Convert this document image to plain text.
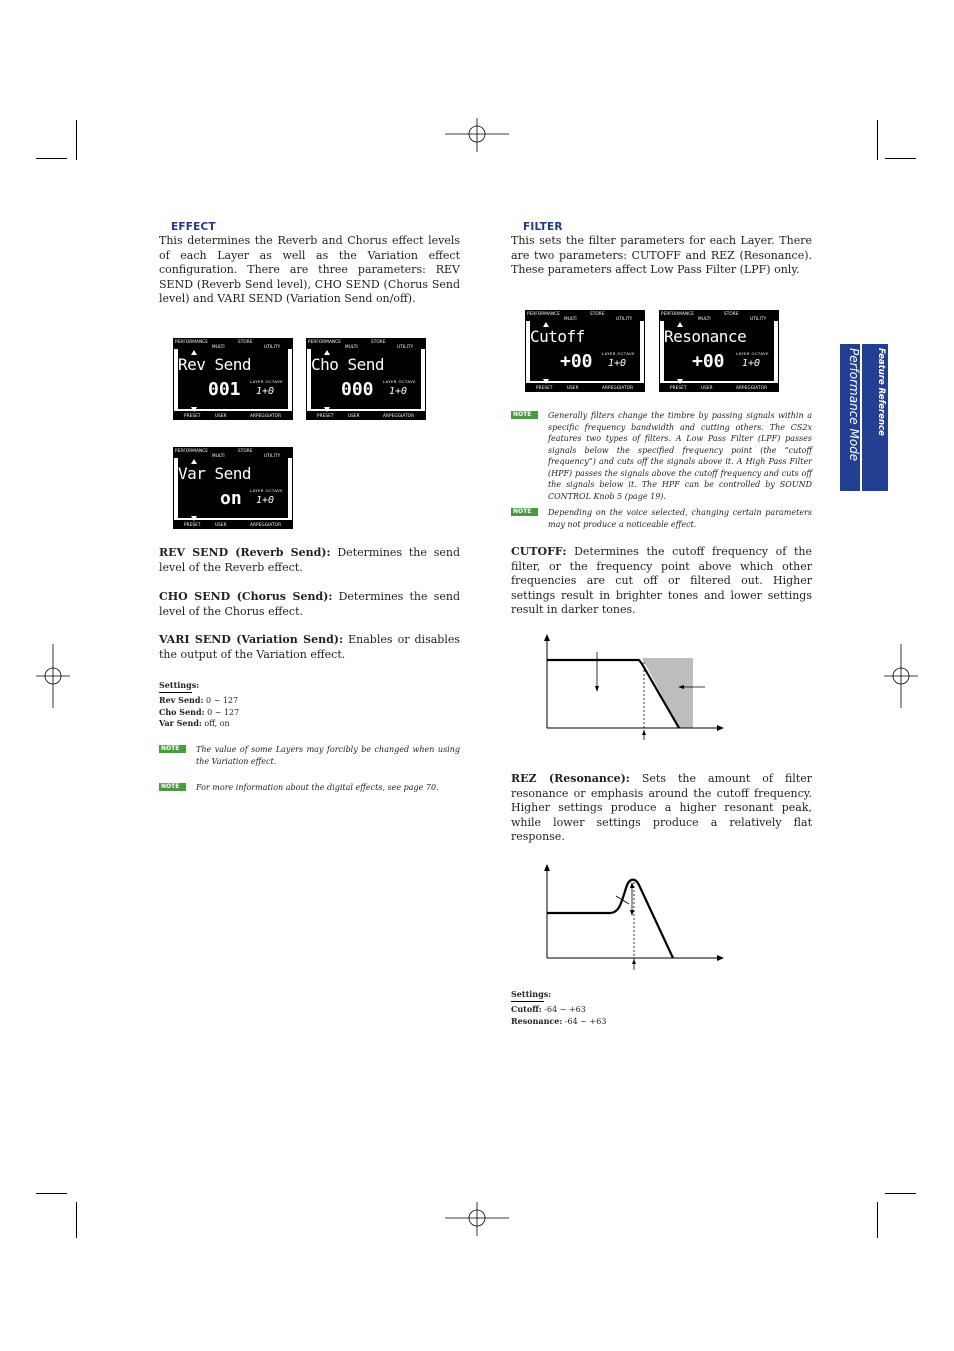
Feature Reference
Performance Mode
EFFECT
This determines the Reverb and Chorus effect levels of each Layer as well as the Variation effect configuration. There are three parameters: REV SEND (Reverb Send level), CHO SEND (Chorus Send level) and VARI SEND (Variation Send on/off).
PERFORMANCE	STORE
MULTI	UTILITY
PRESET	USER	ARPEGGIATOR
Rev Send
001 LAYER OCTAVE
1+0
PERFORMANCE	STORE
MULTI	UTILITY
PRESET	USER	ARPEGGIATOR
Cho Send
000 LAYER OCTAVE
1+0
PERFORMANCE	STORE
MULTI	UTILITY
PRESET	USER	ARPEGGIATOR
Var Send
on LAYER OCTAVE
1+0
REV SEND (Reverb Send): Determines the send level of the Reverb effect.
CHO SEND (Chorus Send): Determines the send level of the Chorus effect.
VARI SEND (Variation Send): Enables or disables the output of the Variation effect.
Settings:
Rev Send: 0 ~ 127
Cho Send: 0 ~ 127
Var Send: off, on
NOTE	The value of some Layers may forcibly be changed when using the Variation effect.
NOTE	For more information about the digital effects, see page 70.
FILTER
This sets the filter parameters for each Layer. There are two parameters: CUTOFF and REZ (Resonance). These parameters affect Low Pass Filter (LPF) only.
PERFORMANCE	STORE
MULTI	UTILITY
PRESET	USER	ARPEGGIATOR
Cutoff
+00 LAYER OCTAVE
1+0
PERFORMANCE	STORE
MULTI	UTILITY
PRESET	USER	ARPEGGIATOR
Resonance
+00	LAYER OCTAVE
1+0
NOTE	Generally filters change the timbre by passing signals within a specific frequency bandwidth and cutting others. The CS2x features two types of filters. A Low Pass Filter (LPF) passes signals below the specified frequency point (the “cutoff frequency”) and cuts off the signals above it. A High Pass Filter (HPF) passes the signals above the cutoff frequency and cuts off the signals below it. The HPF can be controlled by SOUND CONTROL Knob 5 (page 19).
NOTE	Depending on the voice selected, changing certain parameters may not produce a noticeable effect.
CUTOFF: Determines the cutoff frequency of the filter, or the frequency point above which other frequencies are cut off or filtered out. Higher settings result in brighter tones and lower settings result in darker tones.
REZ (Resonance): Sets the amount of filter resonance or emphasis around the cutoff frequency. Higher settings produce a higher resonant peak, while lower settings produce a relatively flat response.
Settings:
Cutoff: -64 ~ +63
Resonance: -64 ~ +63
